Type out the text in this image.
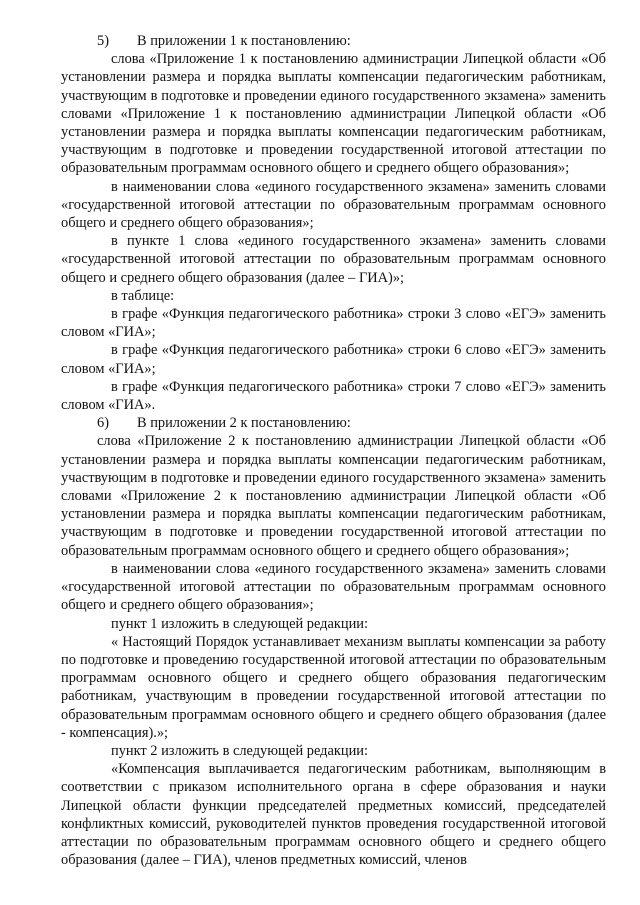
5) В приложении 1 к постановлению:

слова «Приложение 1 к постановлению администрации Липецкой области «Об установлении размера и порядка выплаты компенсации педагогическим работникам, участвующим в подготовке и проведении единого государственного экзамена» заменить словами «Приложение 1 к постановлению администрации Липецкой области «Об установлении размера и порядка выплаты компенсации педагогическим работникам, участвующим в подготовке и проведении государственной итоговой аттестации по образовательным программам основного общего и среднего общего образования»;

в наименовании слова «единого государственного экзамена» заменить словами «государственной итоговой аттестации по образовательным программам основного общего и среднего общего образования»;

в пункте 1 слова «единого государственного экзамена» заменить словами «государственной итоговой аттестации по образовательным программам основного общего и среднего общего образования (далее – ГИА)»;

в таблице:

в графе «Функция педагогического работника» строки 3 слово «ЕГЭ» заменить словом «ГИА»;

в графе «Функция педагогического работника» строки 6 слово «ЕГЭ» заменить словом «ГИА»;

в графе «Функция педагогического работника» строки 7 слово «ЕГЭ» заменить словом «ГИА».

6) В приложении 2 к постановлению:

слова «Приложение 2 к постановлению администрации Липецкой области «Об установлении размера и порядка выплаты компенсации педагогическим работникам, участвующим в подготовке и проведении единого государственного экзамена» заменить словами «Приложение 2 к постановлению администрации Липецкой области «Об установлении размера и порядка выплаты компенсации педагогическим работникам, участвующим в подготовке и проведении государственной итоговой аттестации по образовательным программам основного общего и среднего общего образования»;

в наименовании слова «единого государственного экзамена» заменить словами «государственной итоговой аттестации по образовательным программам основного общего и среднего общего образования»;

пункт 1 изложить в следующей редакции:

« Настоящий Порядок устанавливает механизм выплаты компенсации за работу по подготовке и проведению государственной итоговой аттестации по образовательным программам основного общего и среднего общего образования педагогическим работникам, участвующим в проведении государственной итоговой аттестации по образовательным программам основного общего и среднего общего образования (далее - компенсация).»;

пункт 2 изложить в следующей редакции:

«Компенсация выплачивается педагогическим работникам, выполняющим в соответствии с приказом исполнительного органа в сфере образования и науки Липецкой области функции председателей предметных комиссий, председателей конфликтных комиссий, руководителей пунктов проведения государственной итоговой аттестации по образовательным программам основного общего и среднего общего образования (далее – ГИА), членов предметных комиссий, членов
